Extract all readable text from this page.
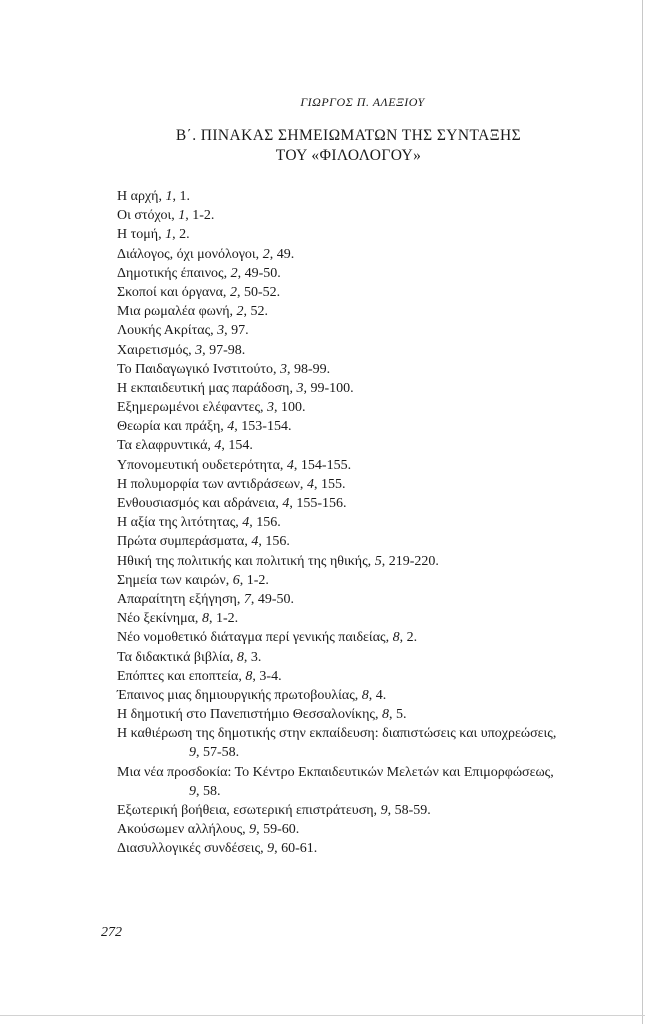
ΓΙΩΡΓΟΣ Π. ΑΛΕΞΙΟΥ
Β΄. ΠΙΝΑΚΑΣ ΣΗΜΕΙΩΜΑΤΩΝ ΤΗΣ ΣΥΝΤΑΞΗΣ
ΤΟΥ «ΦΙΛΟΛΟΓΟΥ»
Η αρχή, 1, 1.
Οι στόχοι, 1, 1-2.
Η τομή, 1, 2.
Διάλογος, όχι μονόλογοι, 2, 49.
Δημοτικής έπαινος, 2, 49-50.
Σκοποί και όργανα, 2, 50-52.
Μια ρωμαλέα φωνή, 2, 52.
Λουκής Ακρίτας, 3, 97.
Χαιρετισμός, 3, 97-98.
Το Παιδαγωγικό Ινστιτούτο, 3, 98-99.
Η εκπαιδευτική μας παράδοση, 3, 99-100.
Εξημερωμένοι ελέφαντες, 3, 100.
Θεωρία και πράξη, 4, 153-154.
Τα ελαφρυντικά, 4, 154.
Υπονομευτική ουδετερότητα, 4, 154-155.
Η πολυμορφία των αντιδράσεων, 4, 155.
Ενθουσιασμός και αδράνεια, 4, 155-156.
Η αξία της λιτότητας, 4, 156.
Πρώτα συμπεράσματα, 4, 156.
Ηθική της πολιτικής και πολιτική της ηθικής, 5, 219-220.
Σημεία των καιρών, 6, 1-2.
Απαραίτητη εξήγηση, 7, 49-50.
Νέο ξεκίνημα, 8, 1-2.
Νέο νομοθετικό διάταγμα περί γενικής παιδείας, 8, 2.
Τα διδακτικά βιβλία, 8, 3.
Επόπτες και εποπτεία, 8, 3-4.
Έπαινος μιας δημιουργικής πρωτοβουλίας, 8, 4.
Η δημοτική στο Πανεπιστήμιο Θεσσαλονίκης, 8, 5.
Η καθιέρωση της δημοτικής στην εκπαίδευση: διαπιστώσεις και υποχρεώσεις,
9, 57-58.
Μια νέα προσδοκία: Το Κέντρο Εκπαιδευτικών Μελετών και Επιμορφώσεως,
9, 58.
Εξωτερική βοήθεια, εσωτερική επιστράτευση, 9, 58-59.
Ακούσωμεν αλλήλους, 9, 59-60.
Διασυλλογικές συνδέσεις, 9, 60-61.
272
